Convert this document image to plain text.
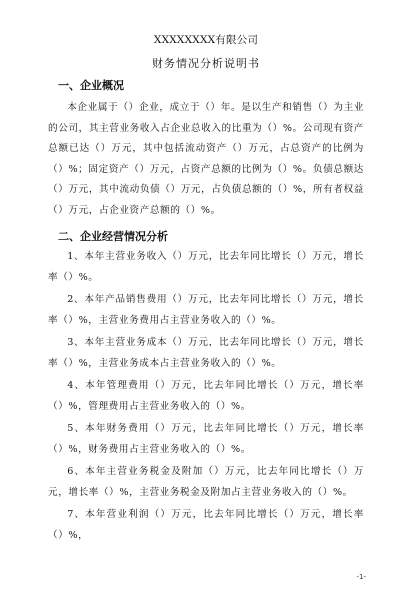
XXXXXXXX有限公司
财务情况分析说明书
一、企业概况

本企业属于（）企业，成立于（）年。是以生产和销售（）为主业的公司，其主营业务收入占企业总收入的比重为（）%。公司现有资产总额已达（）万元，其中包括流动资产（）万元，占总资产的比例为（）%；固定资产（）万元，占资产总额的比例为（）%。负债总额达（）万元，其中流动负债（）万元，占负债总额的（）%，所有者权益（）万元，占企业资产总额的（）%。

二、企业经营情况分析

1、本年主营业务收入（）万元，比去年同比增长（）万元，增长率（）%。

2、本年产品销售费用（）万元，比去年同比增长（）万元，增长率（）%，主营业务费用占主营业务收入的（）%。

3、本年主营业务成本（）万元，比去年同比增长（）万元，增长率（）%，主营业务成本占主营业务收入的（）%。

4、本年管理费用（）万元，比去年同比增长（）万元，增长率（）%，管理费用占主营业务收入的（）%。

5、本年财务费用（）万元，比去年同比增长（）万元，增长率（）%，财务费用占主营业务收入的（）%。

6、本年主营业务税金及附加（）万元，比去年同比增长（）万元，增长率（）%，主营业务税金及附加占主营业务收入的（）%。

7、本年营业利润（）万元，比去年同比增长（）万元，增长率（）%，

-1-
